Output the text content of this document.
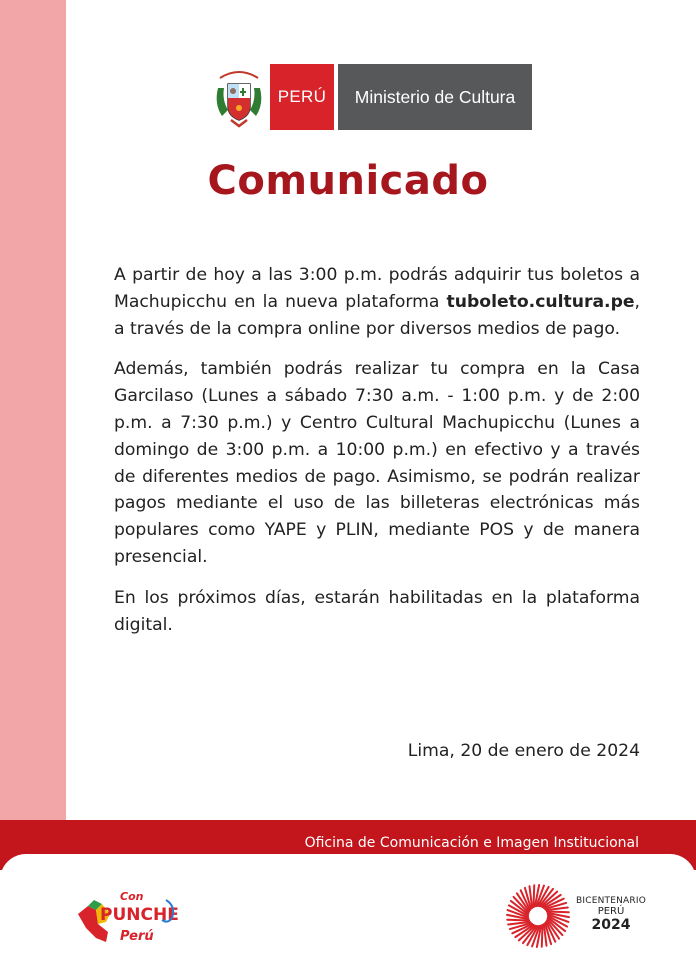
PERÚ Ministerio de Cultura
Comunicado

A partir de hoy a las 3:00 p.m. podrás adquirir tus boletos a Machupicchu en la nueva plataforma tuboleto.cultura.pe, a través de la compra online por diversos medios de pago.

Además, también podrás realizar tu compra en la Casa Garcilaso (Lunes a sábado 7:30 a.m. - 1:00 p.m. y de 2:00 p.m. a 7:30 p.m.) y Centro Cultural Machupicchu (Lunes a domingo de 3:00 p.m. a 10:00 p.m.) en efectivo y a través de diferentes medios de pago. Asimismo, se podrán realizar pagos mediante el uso de las billeteras electrónicas más populares como YAPE y PLIN, mediante POS y de manera presencial.

En los próximos días, estarán habilitadas en la plataforma digital.

Lima, 20 de enero de 2024
Oficina de Comunicación e Imagen Institucional
Con
PUNCHE
Perú
BICENTENARIO
PERÚ
2024
